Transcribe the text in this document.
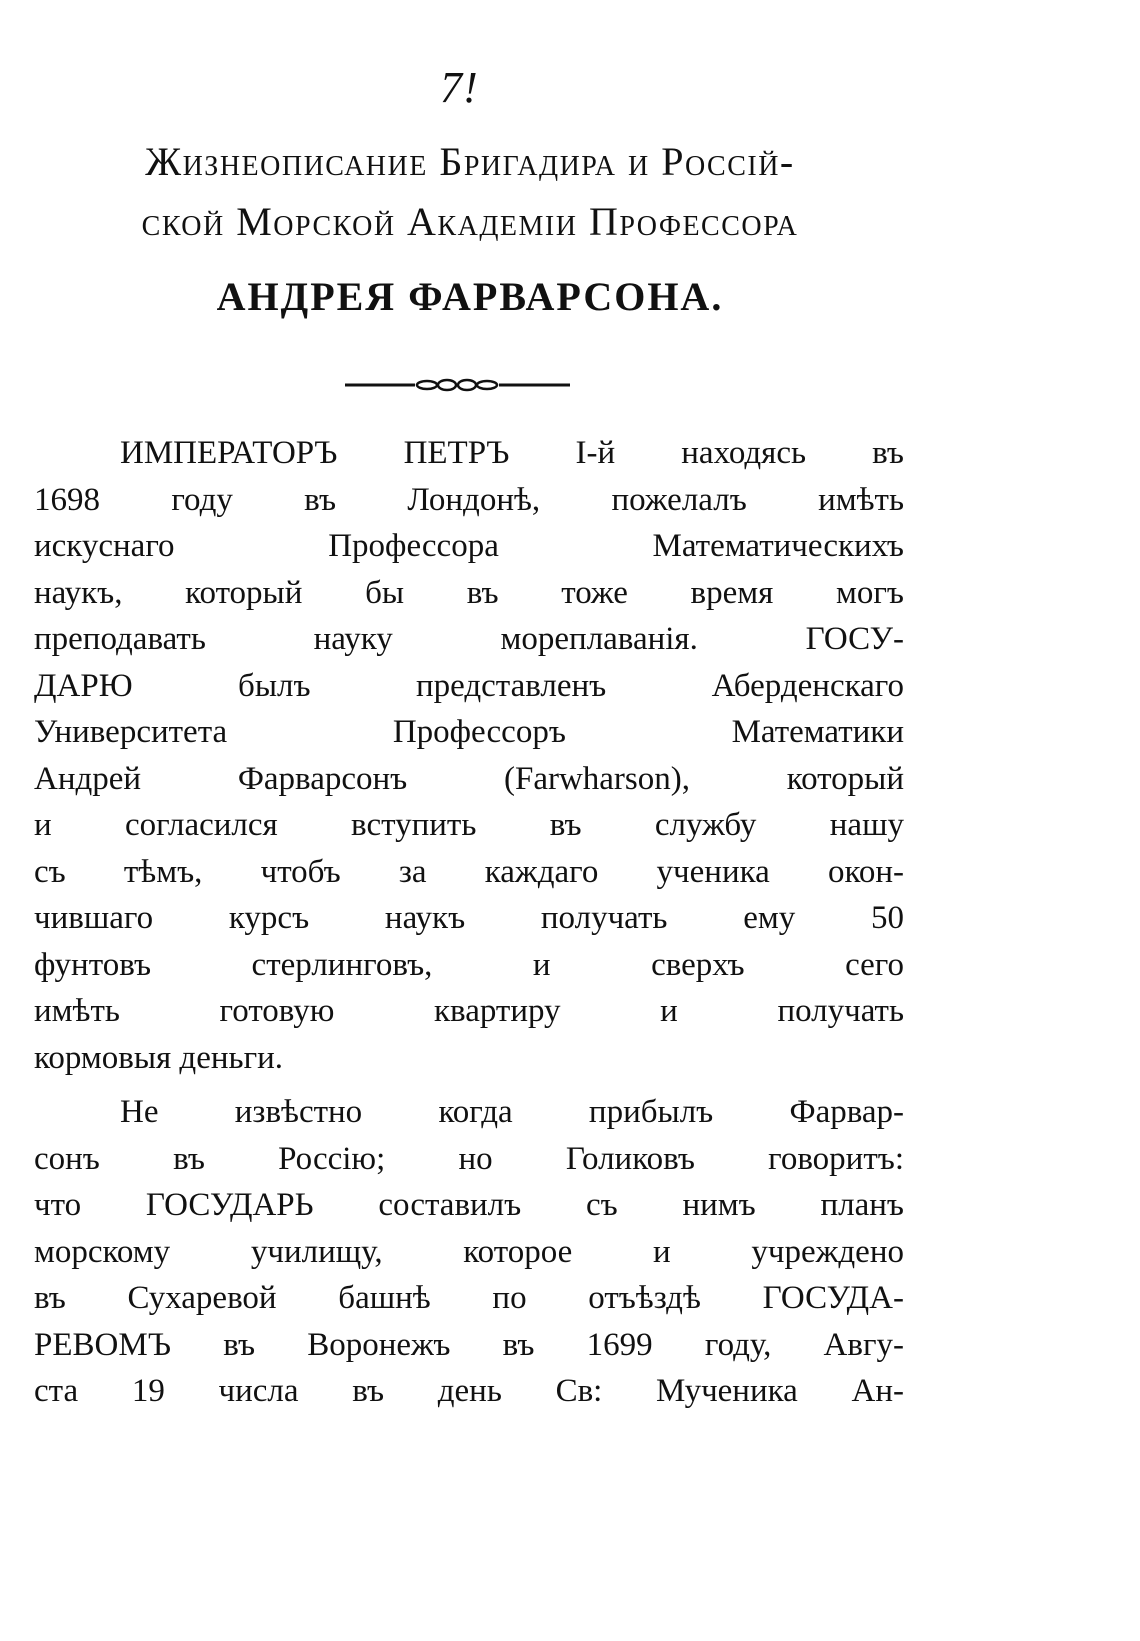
7!
Жизнеописание Бригадира и Россій-
ской Морской Академіи Профессора
АНДРЕЯ ФАРВАРСОНА.
ИМПЕРАТОРЪ ПЕТРЪ I-й находясь въ
1698 году въ Лондонѣ, пожелалъ имѣть
искуснаго Профессора Математическихъ
наукъ, который бы въ тоже время могъ
преподавать науку мореплаванія. ГОСУ-
ДАРЮ былъ представленъ Аберденскаго
Университета Профессоръ Математики
Андрей Фарварсонъ (Farwharson), который
и согласился вступить въ службу нашу
съ тѣмъ, чтобъ за каждаго ученика окон-
чившаго курсъ наукъ получать ему 50
фунтовъ стерлинговъ, и сверхъ сего
имѣть готовую квартиру и получать
кормовыя деньги.
Не извѣстно когда прибылъ Фарвар-
сонъ въ Россію; но Голиковъ говоритъ:
что ГОСУДАРЬ составилъ съ нимъ планъ
морскому училищу, которое и учреждено
въ Сухаревой башнѣ по отъѣздѣ ГОСУДА-
РЕВОМЪ въ Воронежъ въ 1699 году, Авгу-
ста 19 числа въ день Св: Мученика Ан-
